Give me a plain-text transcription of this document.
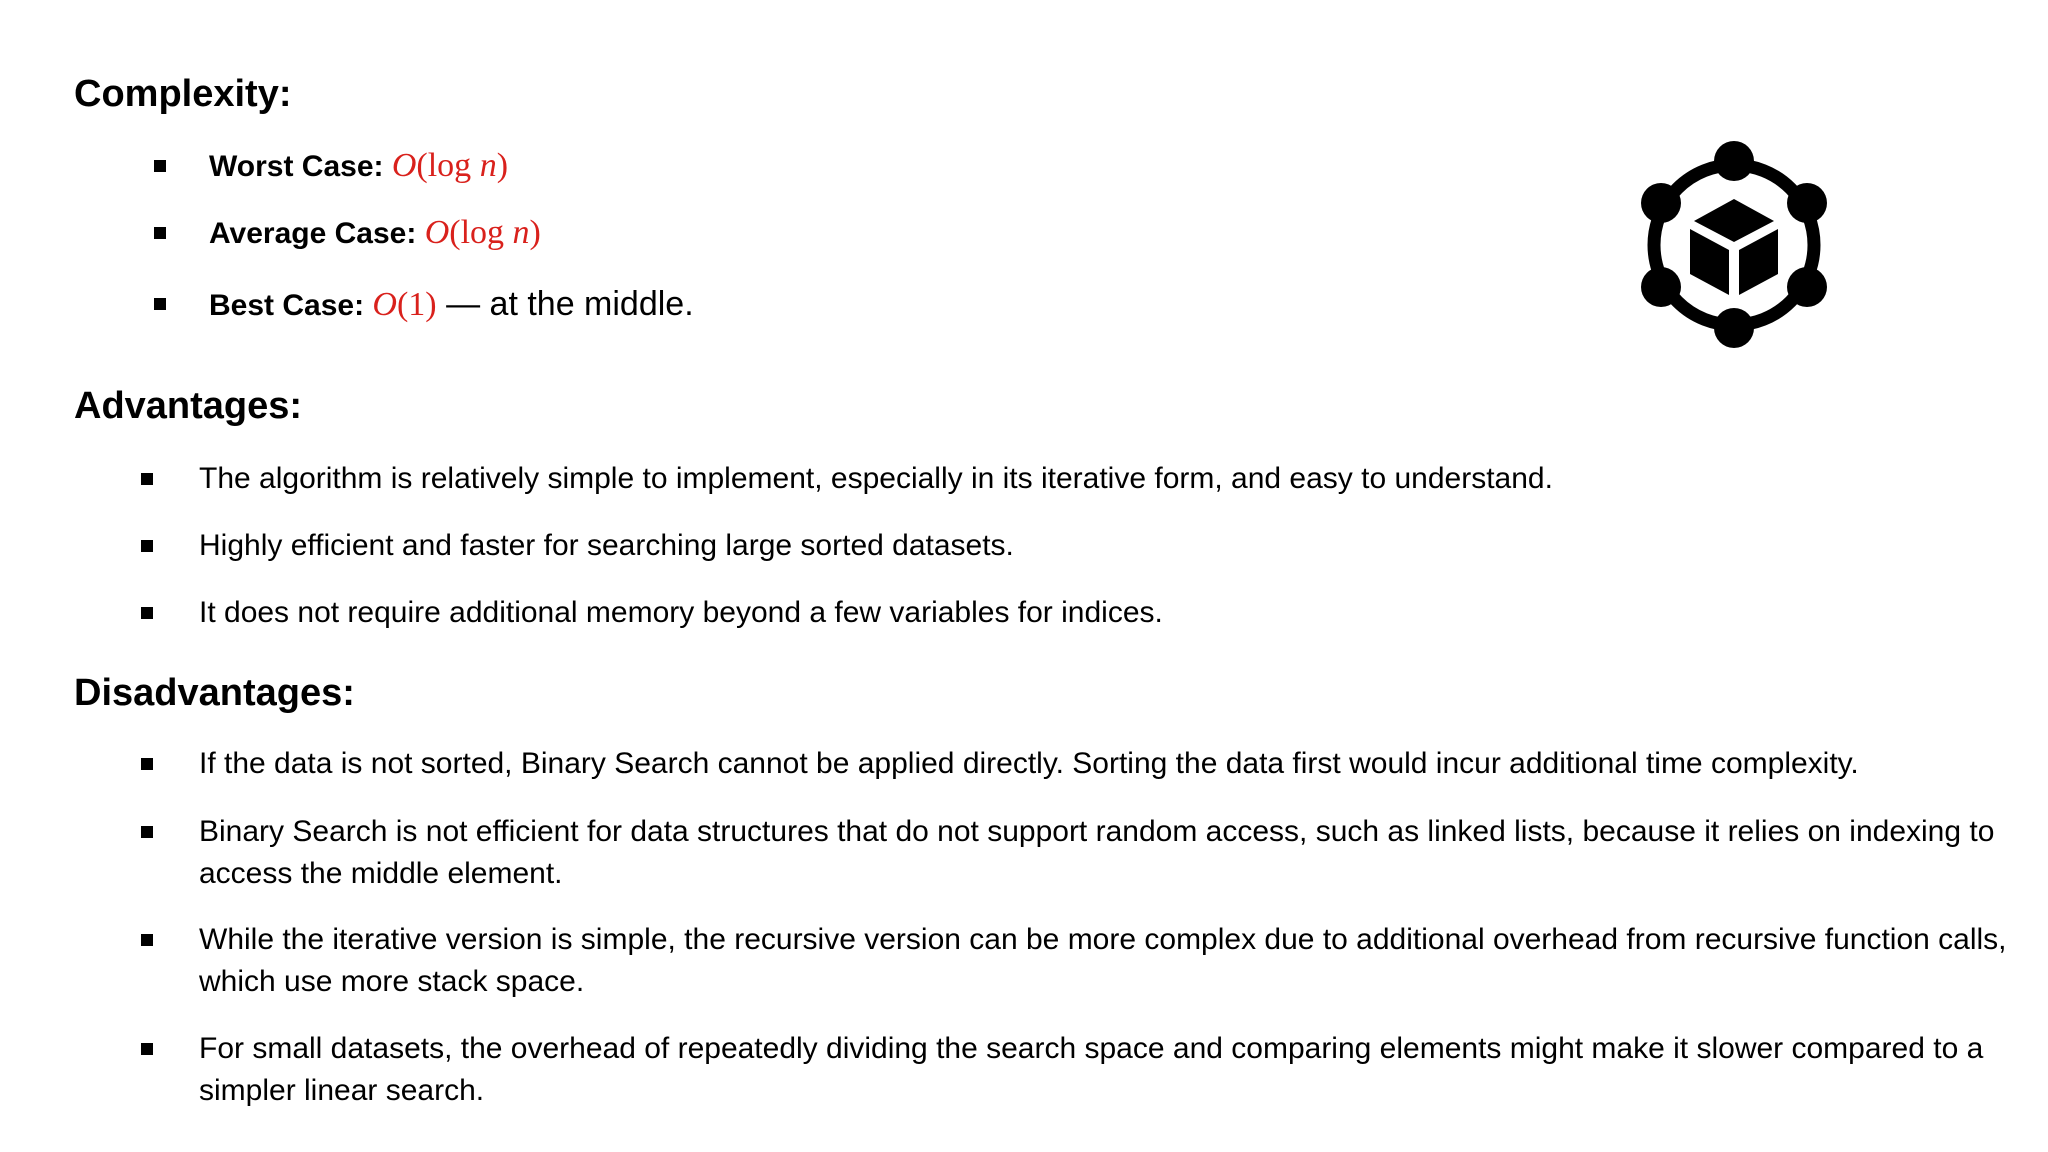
Complexity:

Worst Case: O(log n)

Average Case: O(log n)

Best Case: O(1) — at the middle.

Advantages:

The algorithm is relatively simple to implement, especially in its iterative form, and easy to understand.

Highly efficient and faster for searching large sorted datasets.

It does not require additional memory beyond a few variables for indices.

Disadvantages:

If the data is not sorted, Binary Search cannot be applied directly. Sorting the data first would incur additional time complexity.

Binary Search is not efficient for data structures that do not support random access, such as linked lists, because it relies on indexing to access the middle element.

While the iterative version is simple, the recursive version can be more complex due to additional overhead from recursive function calls, which use more stack space.

For small datasets, the overhead of repeatedly dividing the search space and comparing elements might make it slower compared to a simpler linear search.
